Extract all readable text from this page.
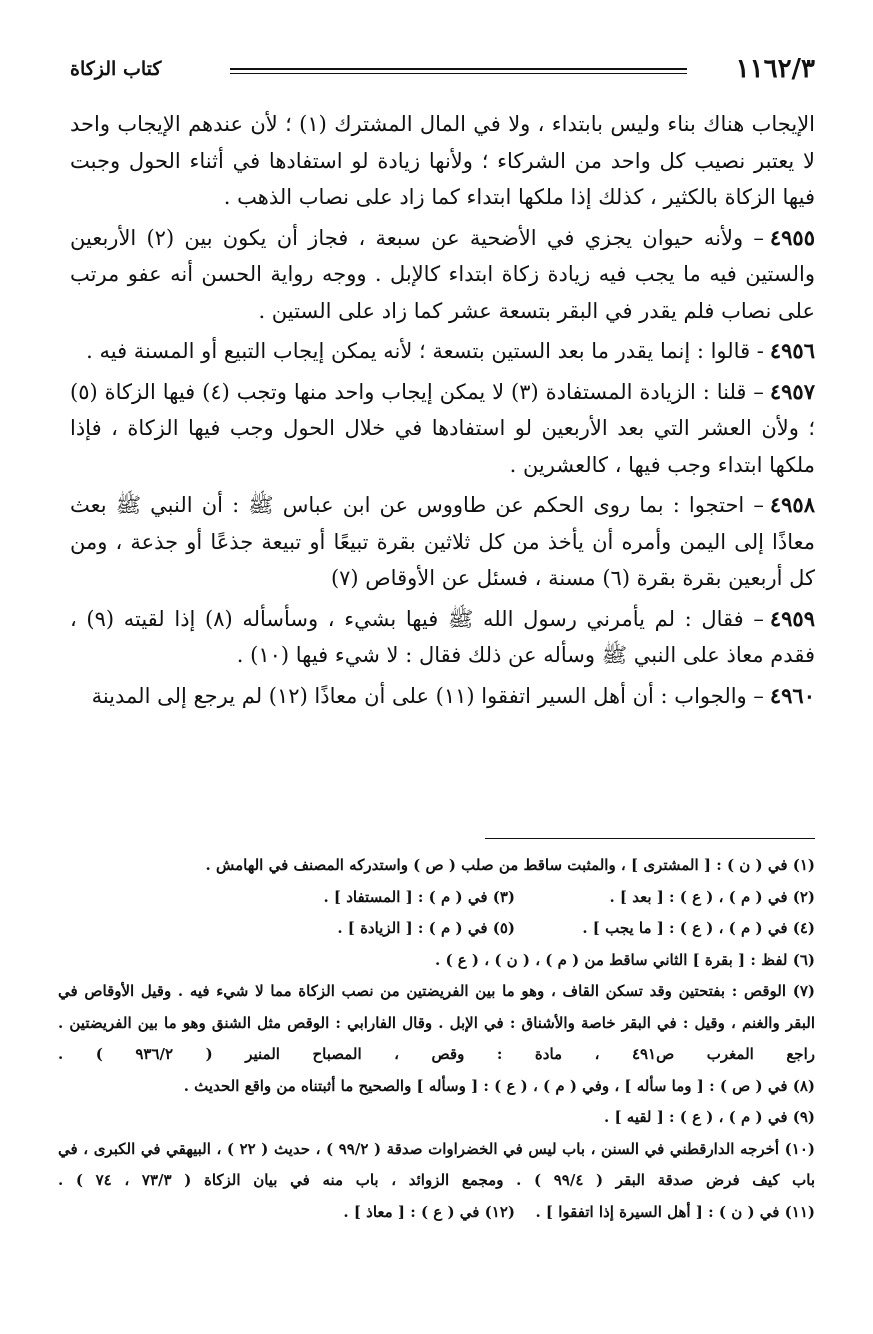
١١٦٢/٣
كتاب الزكاة

الإيجاب هناك بناء وليس بابتداء ، ولا في المال المشترك (١) ؛ لأن عندهم الإيجاب واحد لا يعتبر نصيب كل واحد من الشركاء ؛ ولأنها زيادة لو استفادها في أثناء الحول وجبت فيها الزكاة بالكثير ، كذلك إذا ملكها ابتداء كما زاد على نصاب الذهب .

٤٩٥٥– ولأنه حيوان يجزي في الأضحية عن سبعة ، فجاز أن يكون بين (٢) الأربعين والستين فيه ما يجب فيه زيادة زكاة ابتداء كالإبل . ووجه رواية الحسن أنه عفو مرتب على نصاب فلم يقدر في البقر بتسعة عشر كما زاد على الستين .

٤٩٥٦- قالوا : إنما يقدر ما بعد الستين بتسعة ؛ لأنه يمكن إيجاب التبيع أو المسنة فيه .

٤٩٥٧– قلنا : الزيادة المستفادة (٣) لا يمكن إيجاب واحد منها وتجب (٤) فيها الزكاة (٥) ؛ ولأن العشر التي بعد الأربعين لو استفادها في خلال الحول وجب فيها الزكاة ، فإذا ملكها ابتداء وجب فيها ، كالعشرين .

٤٩٥٨– احتجوا : بما روى الحكم عن طاووس عن ابن عباس ﷺ : أن النبي ﷺ بعث معاذًا إلى اليمن وأمره أن يأخذ من كل ثلاثين بقرة تبيعًا أو تبيعة جذعًا أو جذعة ، ومن كل أربعين بقرة بقرة (٦) مسنة ، فسئل عن الأوقاص (٧)

٤٩٥٩– فقال : لم يأمرني رسول الله ﷺ فيها بشيء ، وسأسأله (٨) إذا لقيته (٩) ، فقدم معاذ على النبي ﷺ وسأله عن ذلك فقال : لا شيء فيها (١٠) .

٤٩٦٠– والجواب : أن أهل السير اتفقوا (١١) على أن معاذًا (١٢) لم يرجع إلى المدينة

(١) في ( ن ) : [ المشترى ] ، والمثبت ساقط من صلب ( ص ) واستدركه المصنف في الهامش .
(٢) في ( م ) ، ( ع ) : [ بعد ] .
(٣) في ( م ) : [ المستفاد ] .
(٤) في ( م ) ، ( ع ) : [ ما يجب ] .
(٥) في ( م ) : [ الزيادة ] .
(٦) لفظ : [ بقرة ] الثاني ساقط من ( م ) ، ( ن ) ، ( ع ) .
(٧) الوقص : بفتحتين وقد تسكن القاف ، وهو ما بين الفريضتين من نصب الزكاة مما لا شيء فيه . وقيل الأوقاص في البقر والغنم ، وقيل : في البقر خاصة والأشناق : في الإبل . وقال الفارابي : الوقص مثل الشنق وهو ما بين الفريضتين . راجع المغرب ص٤٩١ ، مادة : وقص ، المصباح المنير ( ٩٣٦/٢ ) .
(٨) في ( ص ) : [ وما سأله ] ، وفي ( م ) ، ( ع ) : [ وسأله ] والصحيح ما أثبتناه من واقع الحديث .
(٩) في ( م ) ، ( ع ) : [ لقيه ] .
(١٠) أخرجه الدارقطني في السنن ، باب ليس في الخضراوات صدقة ( ٩٩/٢ ) ، حديث ( ٢٢ ) ، البيهقي في الكبرى ، في باب كيف فرض صدقة البقر ( ٩٩/٤ ) . ومجمع الزوائد ، باب منه في بيان الزكاة ( ٧٣/٣ ، ٧٤ ) .
(١١) في ( ن ) : [ أهل السيرة إذا اتفقوا ] .
(١٢) في ( ع ) : [ معاذ ] .
